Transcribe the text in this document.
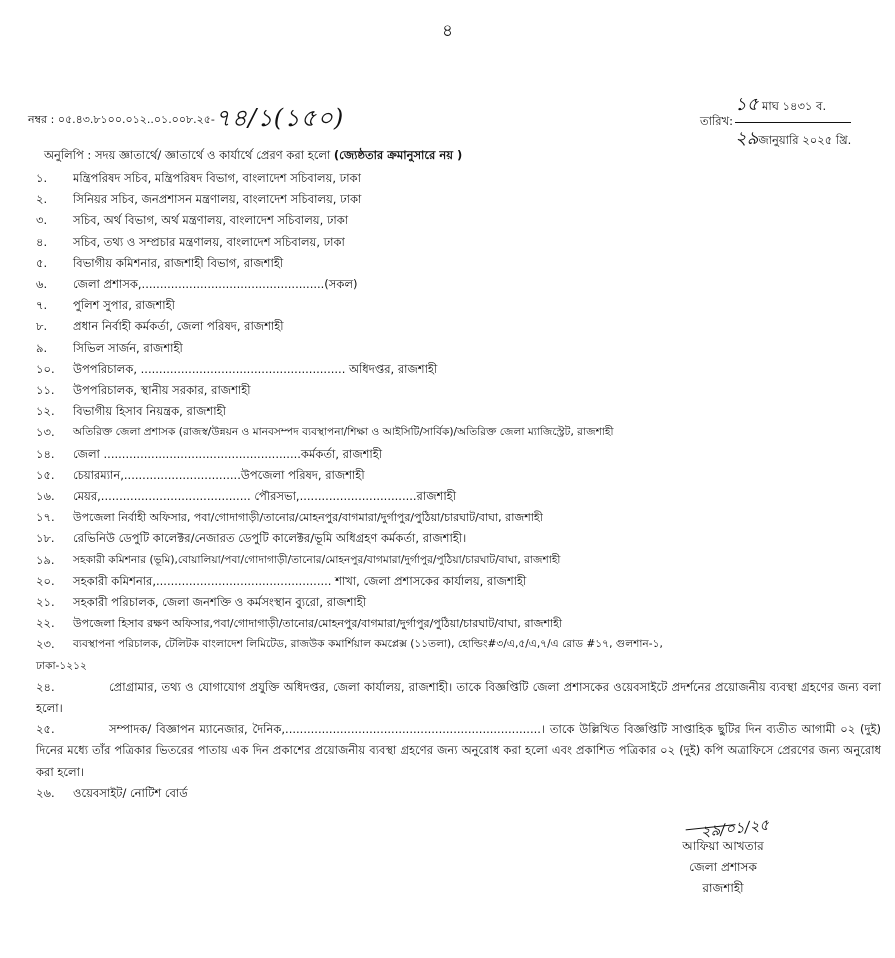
৪
নম্বর : ০৫.৪৩.৮১০০.০১২..০১.০০৮.২৫-৭৪/১(১৫০)	তারিখ: $\frac{\text{১৫ মাঘ ১৪৩১ ব.}}{\text{২৯জানুয়ারি ২০২৫ খ্রি.}}$
অনুলিপি : সদয় জ্ঞাতার্থে/ জ্ঞাতার্থে ও কার্যার্থে প্রেরণ করা হলো (জ্যেষ্ঠতার ক্রমানুসারে নয় )
১.	মন্ত্রিপরিষদ সচিব, মন্ত্রিপরিষদ বিভাগ, বাংলাদেশ সচিবালয়, ঢাকা
২.	সিনিয়র সচিব, জনপ্রশাসন মন্ত্রণালয়, বাংলাদেশ সচিবালয়, ঢাকা
৩.	সচিব, অর্থ বিভাগ, অর্থ মন্ত্রণালয়, বাংলাদেশ সচিবালয়, ঢাকা
৪.	সচিব, তথ্য ও সম্প্রচার মন্ত্রণালয়, বাংলাদেশ সচিবালয়, ঢাকা
৫.	বিভাগীয় কমিশনার, রাজশাহী বিভাগ, রাজশাহী
৬.	জেলা প্রশাসক,..................................................(সকল)
৭.	পুলিশ সুপার, রাজশাহী
৮.	প্রধান নির্বাহী কর্মকর্তা, জেলা পরিষদ, রাজশাহী
৯.	সিভিল সার্জন, রাজশাহী
১০.	উপপরিচালক, ........................................................ অধিদপ্তর, রাজশাহী
১১.	উপপরিচালক, স্থানীয় সরকার, রাজশাহী
১২.	বিভাগীয় হিসাব নিয়ন্ত্রক, রাজশাহী
১৩.	অতিরিক্ত জেলা প্রশাসক (রাজস্ব/উন্নয়ন ও মানবসম্পদ ব্যবস্থাপনা/শিক্ষা ও আইসিটি/সার্বিক)/অতিরিক্ত জেলা ম্যাজিস্ট্রেট, রাজশাহী
১৪.	জেলা ......................................................কর্মকর্তা, রাজশাহী
১৫.	চেয়ারম্যান,................................উপজেলা পরিষদ, রাজশাহী
১৬.	মেয়র,......................................... পৌরসভা,................................রাজশাহী
১৭.	উপজেলা নির্বাহী অফিসার, পবা/গোদাগাড়ী/তানোর/মোহনপুর/বাগমারা/দুর্গাপুর/পুঠিয়া/চারঘাট/বাঘা, রাজশাহী
১৮.	রেভিনিউ ডেপুটি কালেক্টর/নেজারত ডেপুটি কালেক্টর/ভূমি অধিগ্রহণ কর্মকর্তা, রাজশাহী।
১৯.	সহকারী কমিশনার (ভূমি),বোয়ালিয়া/পবা/গোদাগাড়ী/তানোর/মোহনপুর/বাগমারা/দুর্গাপুর/পুঠিয়া/চারঘাট/বাঘা, রাজশাহী
২০.	সহকারী কমিশনার,................................................ শাখা, জেলা প্রশাসকের কার্যালয়, রাজশাহী
২১.	সহকারী পরিচালক, জেলা জনশক্তি ও কর্মসংস্থান ব্যুরো, রাজশাহী
২২.	উপজেলা হিসাব রক্ষণ অফিসার,পবা/গোদাগাড়ী/তানোর/মোহনপুর/বাগমারা/দুর্গাপুর/পুঠিয়া/চারঘাট/বাঘা, রাজশাহী
২৩.	ব্যবস্থাপনা পরিচালক, টেলিটক বাংলাদেশ লিমিটেড, রাজউক কমার্শিয়াল কমপ্লেক্স (১১তলা), হোল্ডিং#৩/এ,৫/এ,৭/এ রোড #১৭, গুলশান-১,
ঢাকা-১২১২
২৪.	প্রোগ্রামার, তথ্য ও যোগাযোগ প্রযুক্তি অধিদপ্তর, জেলা কার্যালয়, রাজশাহী। তাকে বিজ্ঞপ্তিটি জেলা প্রশাসকের ওয়েবসাইটে প্রদর্শনের প্রয়োজনীয় ব্যবস্থা গ্রহণের জন্য বলা হলো।
২৫.	সম্পাদক/ বিজ্ঞাপন ম্যানেজার, দৈনিক,......................................................................। তাকে উল্লিখিত বিজ্ঞপ্তিটি সাপ্তাহিক ছুটির দিন ব্যতীত আগামী ০২ (দুই) দিনের মধ্যে তাঁর পত্রিকার ভিতরের পাতায় এক দিন প্রকাশের প্রয়োজনীয় ব্যবস্থা গ্রহণের জন্য অনুরোধ করা হলো এবং প্রকাশিত পত্রিকার ০২ (দুই) কপি অত্রাফিসে প্রেরণের জন্য অনুরোধ করা হলো।
২৬.	ওয়েবসাইট/ নোটিশ বোর্ড
২৯/০১/২৫
আফিয়া আখতার
জেলা প্রশাসক
রাজশাহী
